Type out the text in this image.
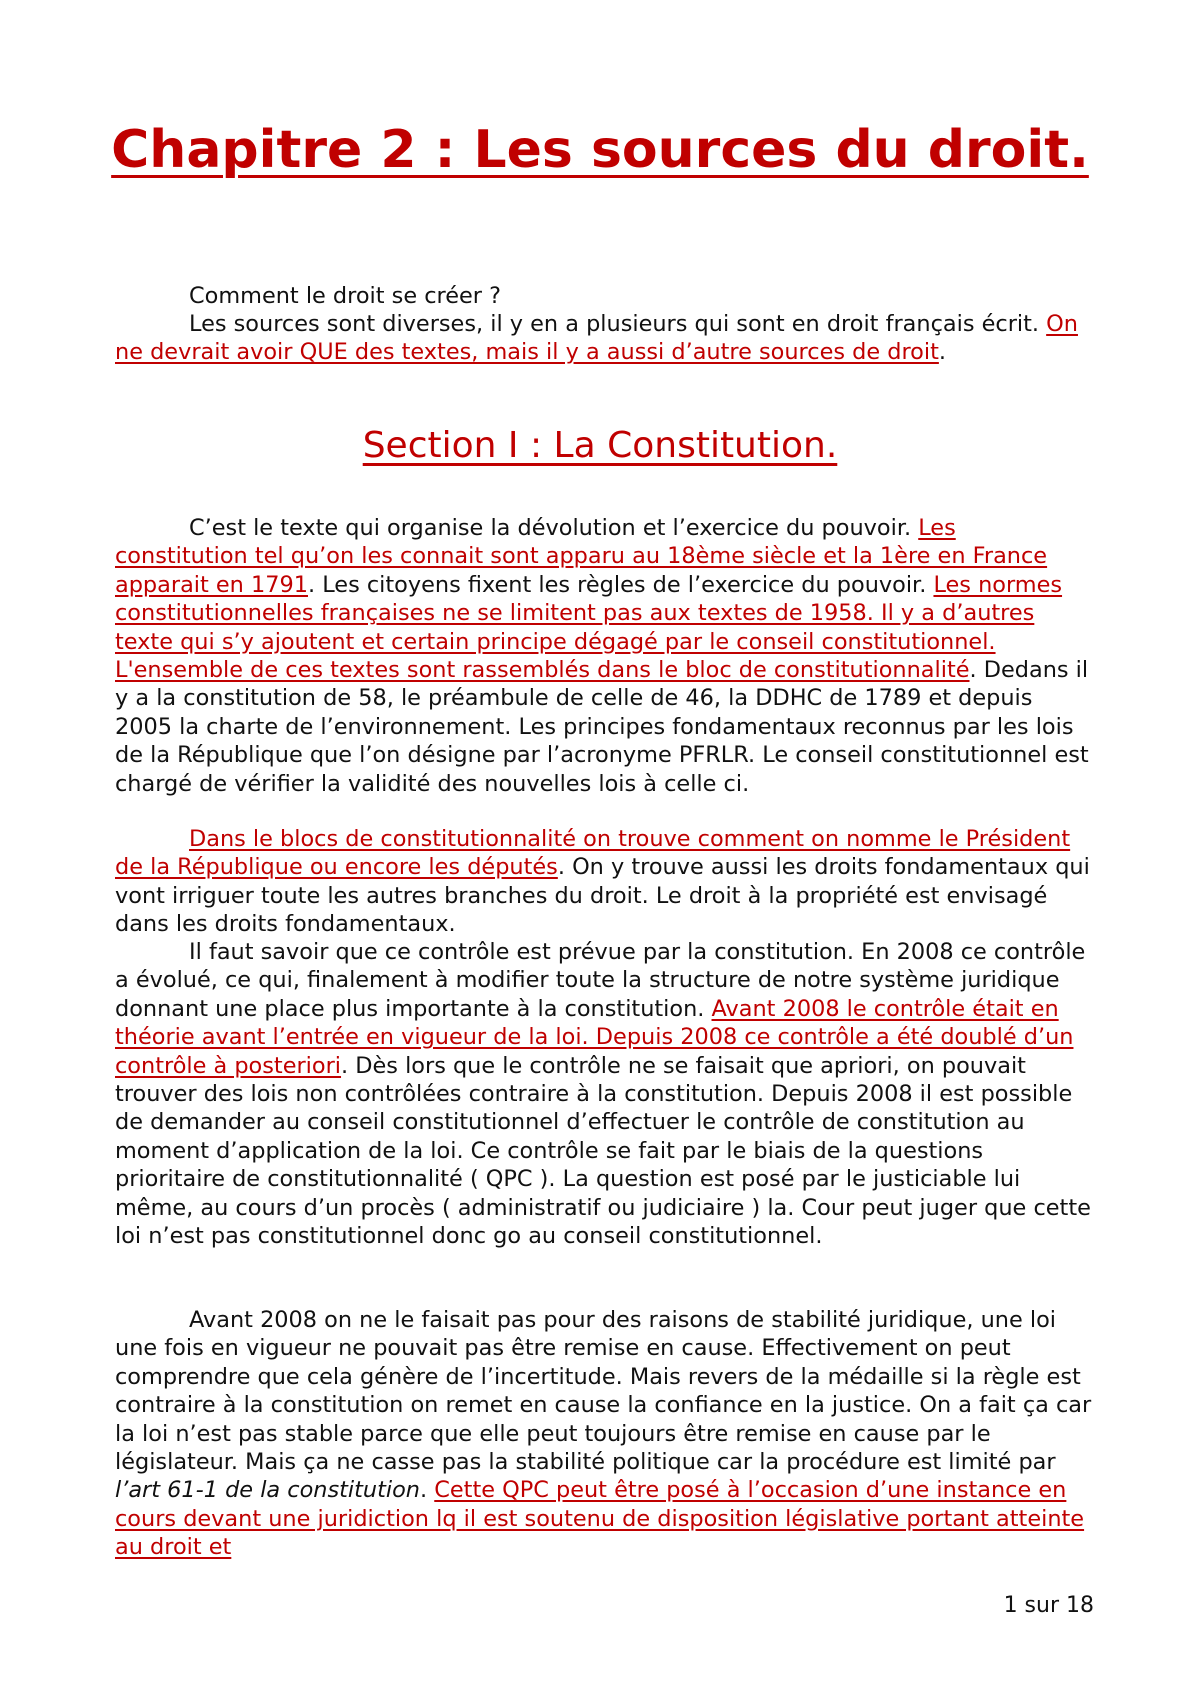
Chapitre 2 : Les sources du droit.

Comment le droit se créer ?

Les sources sont diverses, il y en a plusieurs qui sont en droit français écrit. On ne devrait avoir QUE des textes, mais il y a aussi d’autre sources de droit.

Section I : La Constitution.

C’est le texte qui organise la dévolution et l’exercice du pouvoir. Les constitution tel qu’on les connait sont apparu au 18ème siècle et la 1ère en France apparait en 1791. Les citoyens fixent les règles de l’exercice du pouvoir. Les normes constitutionnelles françaises ne se limitent pas aux textes de 1958. Il y a d’autres texte qui s’y ajoutent et certain principe dégagé par le conseil constitutionnel. L'ensemble de ces textes sont rassemblés dans le bloc de constitutionnalité. Dedans il y a la constitution de 58, le préambule de celle de 46, la DDHC de 1789 et depuis 2005 la charte de l’environnement. Les principes fondamentaux reconnus par les lois de la République que l’on désigne par l’acronyme PFRLR. Le conseil constitutionnel est chargé de vérifier la validité des nouvelles lois à celle ci.

Dans le blocs de constitutionnalité on trouve comment on nomme le Président de la République ou encore les députés. On y trouve aussi les droits fondamentaux qui vont irriguer toute les autres branches du droit. Le droit à la propriété est envisagé dans les droits fondamentaux.

Il faut savoir que ce contrôle est prévue par la constitution. En 2008 ce contrôle a évolué, ce qui, finalement à modifier toute la structure de notre système juridique donnant une place plus importante à la constitution. Avant 2008 le contrôle était en théorie avant l’entrée en vigueur de la loi. Depuis 2008 ce contrôle a été doublé d’un contrôle à posteriori. Dès lors que le contrôle ne se faisait que apriori, on pouvait trouver des lois non contrôlées contraire à la constitution. Depuis 2008 il est possible de demander au conseil constitutionnel d’effectuer le contrôle de constitution au moment d’application de la loi. Ce contrôle se fait par le biais de la questions prioritaire de constitutionnalité ( QPC ). La question est posé par le justiciable lui même, au cours d’un procès ( administratif ou judiciaire ) la. Cour peut juger que cette loi n’est pas constitutionnel donc go au conseil constitutionnel.

Avant 2008 on ne le faisait pas pour des raisons de stabilité juridique, une loi une fois en vigueur ne pouvait pas être remise en cause. Effectivement on peut comprendre que cela génère de l’incertitude. Mais revers de la médaille si la règle est contraire à la constitution on remet en cause la confiance en la justice. On a fait ça car la loi n’est pas stable parce que elle peut toujours être remise en cause par le législateur. Mais ça ne casse pas la stabilité politique car la procédure est limité par l’art 61-1 de la constitution. Cette QPC peut être posé à l’occasion d’une instance en cours devant une juridiction lq il est soutenu de disposition législative portant atteinte au droit et

1 sur 18
